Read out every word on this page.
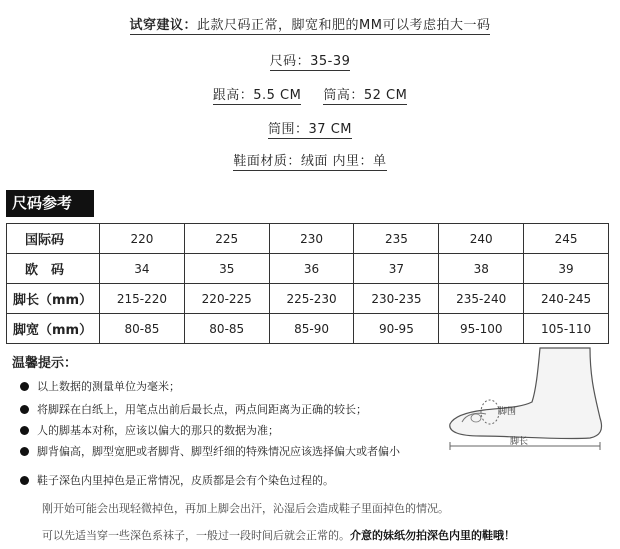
试穿建议：此款尺码正常，脚宽和肥的MM可以考虑拍大一码
尺码：35-39
跟高：5.5 CM 筒高：52 CM
筒围：37 CM
鞋面材质：绒面 内里：单
尺码参考
国际码	220	225	230	235	240	245
欧　码	34	35	36	37	38	39
脚长（mm）	215-220	220-225	225-230	230-235	235-240	240-245
脚宽（mm）	80-85	80-85	85-90	90-95	95-100	105-110
温馨提示：
以上数据的测量单位为毫米；
将脚踩在白纸上，用笔点出前后最长点，两点间距离为正确的较长；
人的脚基本对称，应该以偏大的那只的数据为准；
脚背偏高，脚型宽肥或者脚背、脚型纤细的特殊情况应该选择偏大或者偏小
鞋子深色内里掉色是正常情况，皮质都是会有个染色过程的。
刚开始可能会出现轻微掉色，再加上脚会出汗，沁湿后会造成鞋子里面掉色的情况。
可以先适当穿一些深色系袜子，一般过一段时间后就会正常的。介意的妹纸勿拍深色内里的鞋哦！
脚围
脚长
